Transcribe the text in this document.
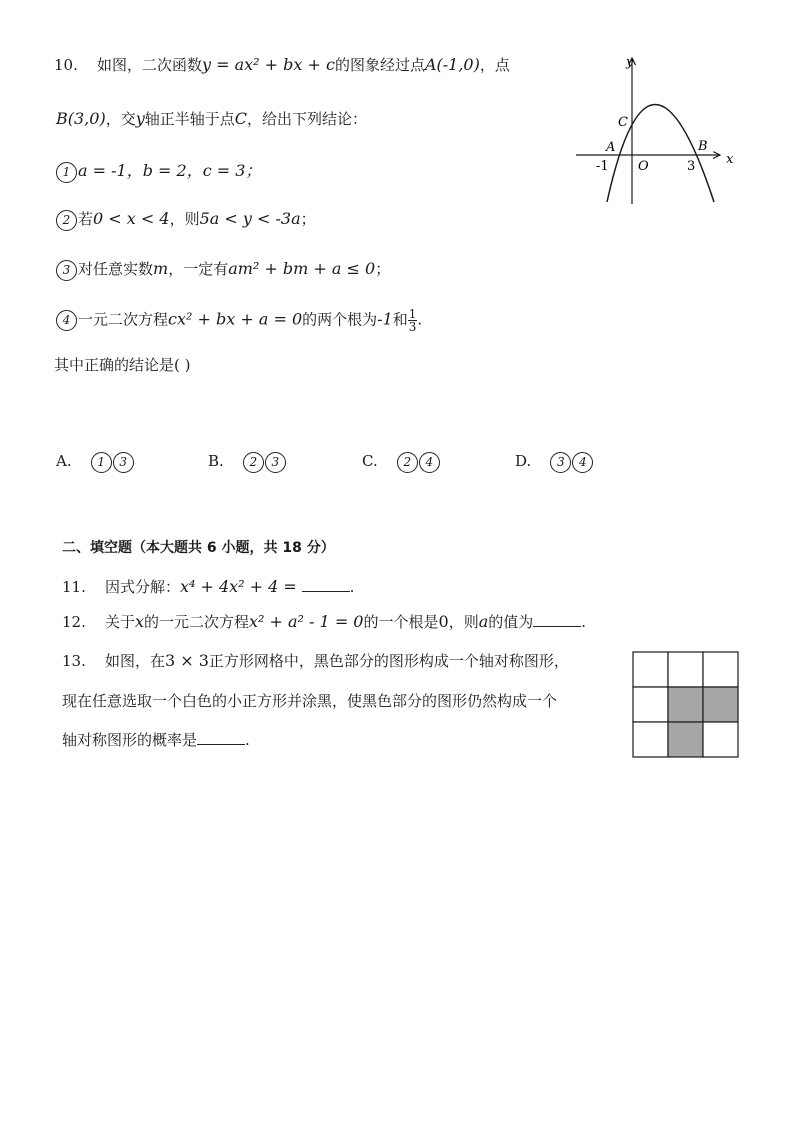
10. 如图，二次函数y = ax² + bx + c的图象经过点A(-1,0)，点
B(3,0)，交y轴正半轴于点C，给出下列结论：
1 a = -1，b = 2，c = 3；
2 若0 < x < 4，则5a < y < -3a；
3 对任意实数m，一定有am² + bm + a ≤ 0；
4 一元二次方程cx² + bx + a = 0的两个根为-1和 $\frac{1}{3}$ .
其中正确的结论是( )
A. 1 3	B. 2 3	C. 2 4	D. 3 4
y
x
O
A	B
C
-1	3
二、填空题（本大题共 6 小题，共 18 分）
11. 因式分解：x⁴ + 4x² + 4 =	.
12. 关于x的一元二次方程x² + a² - 1 = 0的一个根是0，则a的值为	.
13. 如图，在3 × 3正方形网格中，黑色部分的图形构成一个轴对称图形，
现在任意选取一个白色的小正方形并涂黑，使黑色部分的图形仍然构成一个
轴对称图形的概率是	.
